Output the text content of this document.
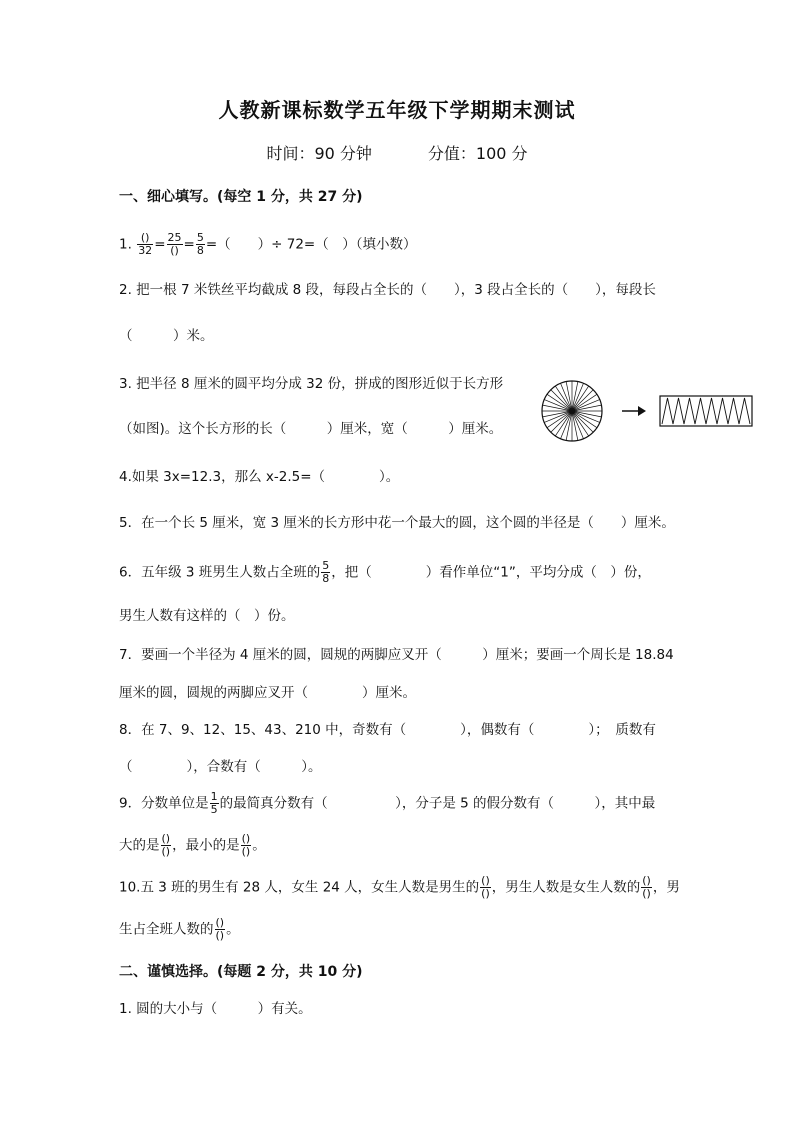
人教新课标数学五年级下学期期末测试
时间：90 分钟	分值：100 分
一、细心填写。(每空 1 分，共 27 分)
1. $\frac{()}{32} = \frac{25}{()} = \frac{5}{8}$ =（　　）÷ 72=（　）（填小数）
2. 把一根 7 米铁丝平均截成 8 段，每段占全长的（　　），3 段占全长的（　　），每段长
（　　　）米。
3. 把半径 8 厘米的圆平均分成 32 份，拼成的图形近似于长方形
（如图)。这个长方形的长（　　　）厘米，宽（　　　）厘米。
4.如果 3x=12.3，那么 x-2.5=（　　　　）。
5．在一个长 5 厘米，宽 3 厘米的长方形中花一个最大的圆，这个圆的半径是（　　）厘米。
6．五年级 3 班男生人数占全班的 $\frac{5}{8}$ ，把（　　　　）看作单位“1”，平均分成（　）份，
男生人数有这样的（　）份。
7．要画一个半径为 4 厘米的圆，圆规的两脚应叉开（　　　）厘米；要画一个周长是 18.84
厘米的圆，圆规的两脚应叉开（　　　　）厘米。
8．在 7、9、12、15、43、210 中，奇数有（　　　　），偶数有（　　　　）；　质数有
（　　　　），合数有（　　　）。
9．分数单位是 $\frac{1}{5}$ 的最简真分数有（　　　　　），分子是 5 的假分数有（　　　），其中最
大的是 $\frac{()}{()}$ ，最小的是 $\frac{()}{()}$ 。
10.五 3 班的男生有 28 人，女生 24 人，女生人数是男生的 $\frac{()}{()}$ ，男生人数是女生人数的 $\frac{()}{()}$ ，男
生占全班人数的 $\frac{()}{()}$ 。
二、谨慎选择。(每题 2 分，共 10 分)
1. 圆的大小与（　　　）有关。
